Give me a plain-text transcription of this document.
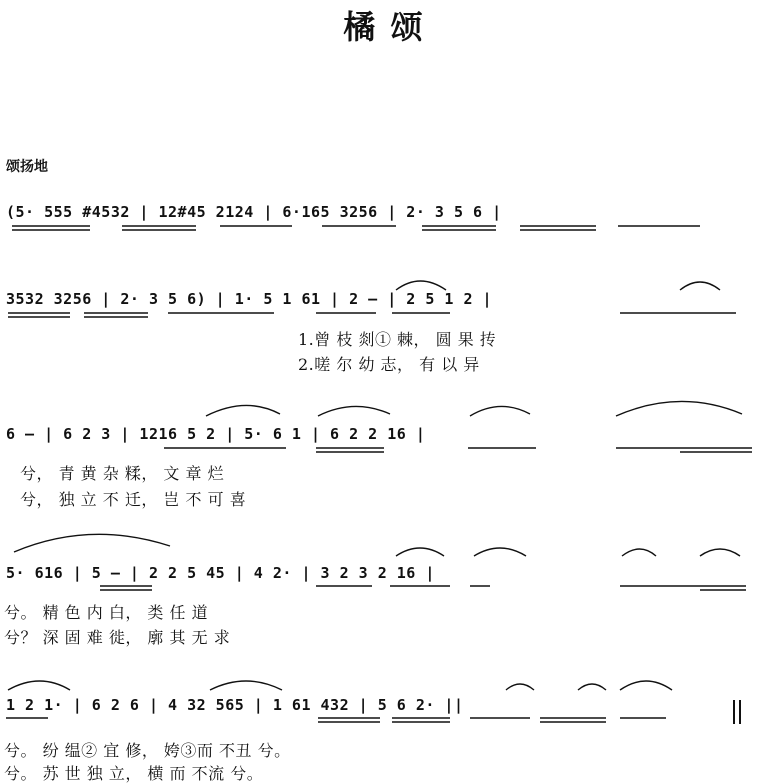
橘 颂
颂扬地
(5· 555 #4532 | 12#45 2124 | 6·165 3256 | 2· 3 5 6 |
3532 3256 | 2· 3 5 6) | 1· 5 1 61 | 2 – | 2 5 1 2 |
1.曾 枝 剡① 棘， 圆 果 抟
2.嗟 尔 幼 志， 有 以 异
6 – | 6 2 3 | 1216 5 2 | 5· 6 1 | 6 2 2 16 |
兮， 青 黄 杂 糅， 文 章 烂
兮， 独 立 不 迁， 岂 不 可 喜
5· 616 | 5 – | 2 2 5 45 | 4 2· | 3 2 3 2 16 |
兮。 精 色 内 白， 类 任 道
兮？ 深 固 难 徙， 廓 其 无 求
1 2 1· | 6 2 6 | 4 32 565 | 1 61 432 | 5 6 2· ||
兮。 纷 缊② 宜 修， 姱③而 不丑 兮。
兮。 苏 世 独 立， 横 而 不流 兮。
